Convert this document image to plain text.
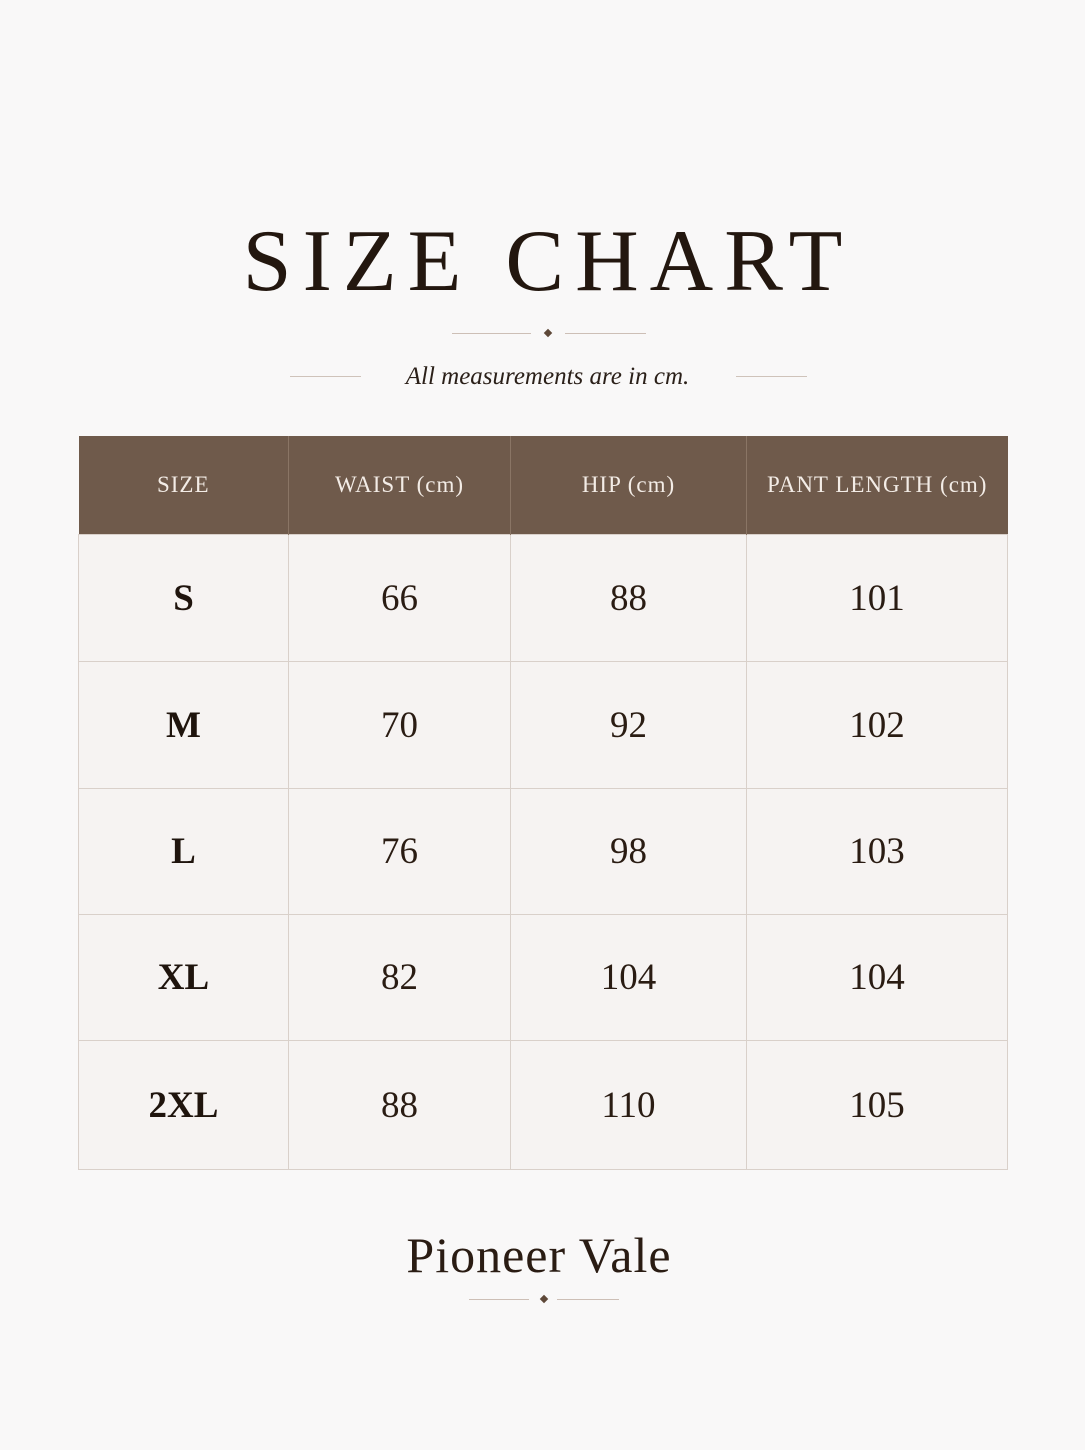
SIZE CHART
All measurements are in cm.
SIZE	WAIST (cm)	HIP (cm)	PANT LENGTH (cm)
S	66	88	101
M	70	92	102
L	76	98	103
XL	82	104	104
2XL	88	110	105
Pioneer Vale
